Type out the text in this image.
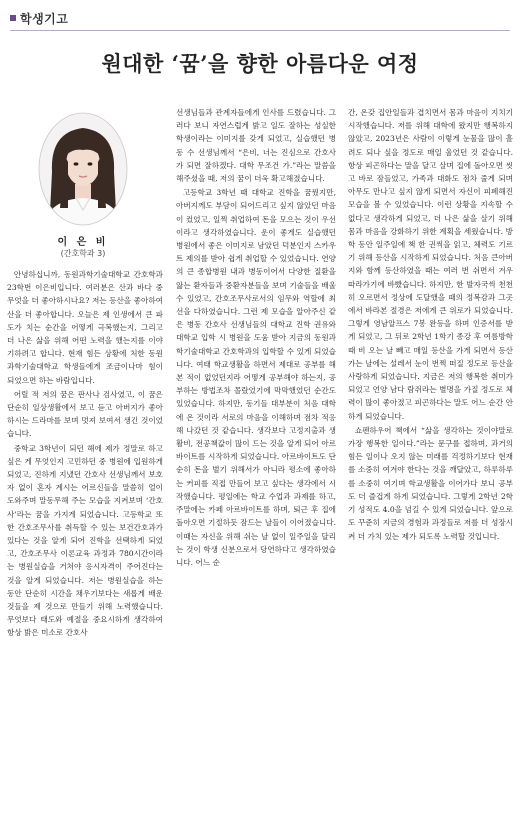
학생기고
원대한 ‘꿈’을 향한 아름다운 여정
이 은 비
(간호학과 3)

안녕하십니까, 동원과학기술대학교 간호학과 23학번 이은비입니다. 여러분은 산과 바다 중 무엇을 더 좋아하시나요? 저는 등산을 좋아하여 산을 더 좋아합니다. 오늘은 제 인생에서 큰 파도가 치는 순간을 어떻게 극복했는지, 그리고 더 나은 삶을 위해 어떤 노력을 했는지를 이야기하려고 합니다. 현재 힘든 상황에 처한 동원과학기술대학교 학생들에게 조금이나마 힘이 되었으면 하는 바람입니다.

어릴 적 저의 꿈은 판사나 검사였고, 이 꿈은 단순히 일상생활에서 보고 듣고 아버지가 좋아하시는 드라마를 보며 멋져 보여서 생긴 것이었습니다.

중학교 3학년이 되던 해에 제가 정말로 하고 싶은 게 무엇인지 고민하던 중 병원에 입원하게 되었고, 진하게 지냈던 간호사 선생님께서 보호자 없이 혼자 계시는 어르신들을 말씀히 얼이 도와주며 말동무해 주는 모습을 지켜보며 ‘간호사’라는 꿈을 가지게 되었습니다. 고등학교 또한 간호조무사를 취득할 수 있는 보건간호과가 있다는 것을 알게 되어 진학을 선택하게 되었고, 간호조무사 이론교육 과정과 780시간이라는 병원실습을 거쳐야 응시자격이 주어진다는 것을 알게 되었습니다. 저는 병원실습을 하는 동안 단순히 시간을 채우기보다는 새롭게 배운 것들을 제 것으로 만들기 위해 노력했습니다. 무엇보다 태도와 예절을 중요시하게 생각하여 항상 밝은 미소로 간호사

선생님들과 관계자들에게 인사를 드렸습니다. 그러다 보니 자연스럽게 밝고 일도 잘하는 성실한 학생이라는 이미지를 갖게 되었고, 실습했던 병동 수 선생님께서 “은비, 너는 진심으로 간호사가 되면 잘하겠다. 대학 무조건 가.”라는 말씀을 해주셨을 때, 저의 꿈이 더욱 확고해졌습니다.

고등학교 3학년 때 대학교 진학을 꿈꿨지만, 아버지께도 부담이 되어드리고 싶지 않았던 마음이 컸었고, 일찍 취업하여 돈을 모으는 것이 우선이라고 생각하였습니다. 운이 좋게도 실습했던 병원에서 좋은 이미지로 남았던 덕분인지 스카우트 제의를 받아 쉽게 취업할 수 있었습니다. 연양의 큰 종합병원 내과 병동이어서 다양한 질환을 앓는 환자들과 중환자분들을 보며 기술들을 배울 수 있었고, 간호조무사로서의 임무와 역할에 최선을 다하였습니다. 그런 제 모습을 알아주신 같은 병동 간호사 선생님들의 대학교 진학 권유와 대학교 입학 시 병원을 도움 받아 지금의 동원과학기술대학교 간호학과의 입학할 수 있게 되었습니다. 여태 학교생활을 하면서 제대로 공부를 해본 적이 없었던지라 어떻게 공부해야 하는지, 공부하는 방법조차 몰랐었기에 막막했었던 순간도 있었습니다. 하지만, 동기들 대부분이 처음 대학에 온 것이라 서로의 마음을 이해하며 점차 적응해 나갔던 것 같습니다. 생각보다 고정지출과 생활비, 전공책값이 많이 드는 것을 알게 되어 아르바이트를 시작하게 되었습니다. 아르바이트도 단순히 돈을 벌기 위해서가 아니라 평소에 좋아하는 커피를 직접 만들어 보고 싶다는 생각에서 시작했습니다. 평일에는 학교 수업과 과제를 하고, 주말에는 카페 아르바이트를 하며, 퇴근 후 집에 돌아오면 기절하듯 잠드는 날들이 이어졌습니다. 이때는 자신을 위해 쉬는 날 없이 일주일을 달리는 것이 학생 신분으로서 당연하다고 생각하였습니다. 어느 순

간, 온갖 집안일들과 겹치면서 몸과 마음이 지치기 시작했습니다. 저를 위해 대학에 왔지만 행복하지 않았고, 2023년은 사람이 이렇게 눈물을 많이 흘려도 되나 싶을 정도로 매일 울었던 것 같습니다. 항상 피곤하다는 말을 달고 살며 집에 돌아오면 씻고 바로 잠들었고, 가족과 대화도 점차 줄게 되며 아무도 만나고 싶지 않게 되면서 자신이 피폐해진 모습을 볼 수 있었습니다. 이런 상황을 지속할 수 없다고 생각하게 되었고, 더 나은 삶을 살기 위해 몸과 마음을 강화하기 위한 계획을 세웠습니다. 방학 동안 일주일에 책 한 권씩을 읽고, 체력도 기르기 위해 등산을 시작하게 되었습니다. 처음 큰아버지와 함께 등산하였을 때는 여러 번 쉬면서 겨우 따라가기에 바빴습니다. 하지만, 한 발자국씩 천천히 오르면서 정상에 도달했을 때의 정복감과 그곳에서 바라본 절경은 저에게 큰 위로가 되었습니다. 그렇게 영남알프스 7봉 완등을 하며 인증서를 받게 되었고, 그 뒤로 2학년 1학기 종강 후 여름방학 때 비 오는 날 빼고 매일 등산을 가게 되면서 등산 가는 날에는 설레서 눈이 번쩍 떠질 정도로 등산을 사랑하게 되었습니다. 지금은 저의 행복한 취미가 되었고 언양 남다 람쥐라는 별명을 가질 정도로 체력이 많이 좋아졌고 피곤하다는 말도 어느 순간 안 하게 되었습니다.

쇼펜하우어 책에서 “삶을 생각하는 것이야말로 가장 행복한 일이다.”라는 문구를 접하며, 과거의 힘든 일이나 오지 않는 미래를 걱정하기보다 현재를 소중히 여겨야 한다는 것을 깨달았고, 하루하루를 소중히 여기며 학교생활을 이어가다 보니 공부도 더 즐겁게 하게 되었습니다. 그렇게 2학년 2학기 성적도 4.0을 넘길 수 있게 되었습니다. 앞으로도 꾸준히 지금의 경험과 과정들로 저를 더 성장시켜 더 가치 있는 제가 되도록 노력할 것입니다.
